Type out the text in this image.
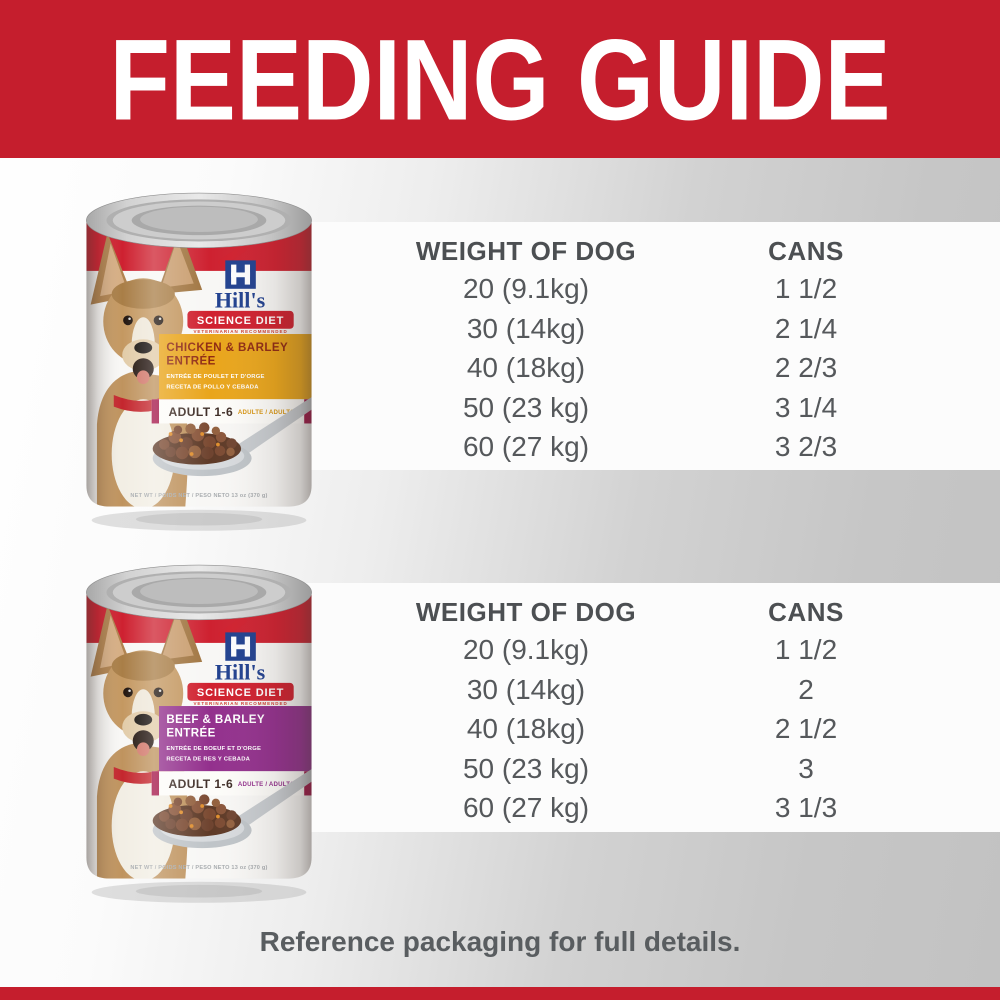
FEEDING GUIDE
WEIGHT OF DOG	CANS
20 (9.1kg)	1 1/2
30 (14kg)	2 1/4
40 (18kg)	2 2/3
50 (23 kg)	3 1/4
60 (27 kg)	3 2/3
WEIGHT OF DOG	CANS
20 (9.1kg)	1 1/2
30 (14kg)	2
40 (18kg)	2 1/2
50 (23 kg)	3
60 (27 kg)	3 1/3
Reference packaging for full details.
